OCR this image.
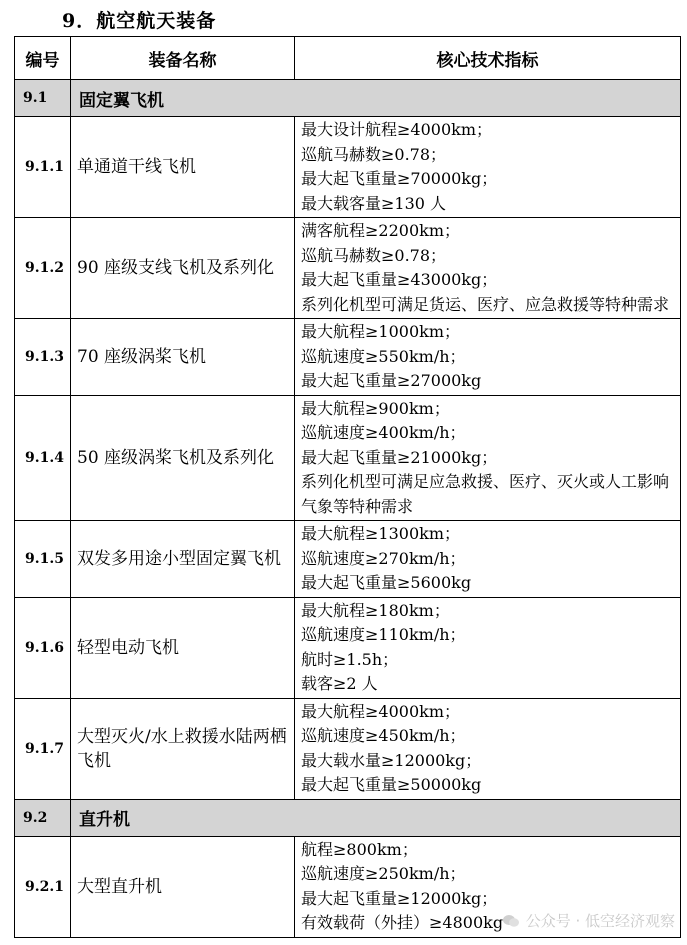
9．航空航天装备
编号	装备名称	核心技术指标
9.1	固定翼飞机	
9.1.1	单通道干线飞机	最大设计航程≥4000km；
巡航马赫数≥0.78；
最大起飞重量≥70000kg；
最大载客量≥130 人

9.1.2	90 座级支线飞机及系列化	满客航程≥2200km；
巡航马赫数≥0.78；
最大起飞重量≥43000kg；
系列化机型可满足货运、医疗、应急救援等特种需求

9.1.3	70 座级涡桨飞机	最大航程≥1000km；
巡航速度≥550km/h；
最大起飞重量≥27000kg

9.1.4	50 座级涡桨飞机及系列化	最大航程≥900km；
巡航速度≥400km/h；
最大起飞重量≥21000kg；
系列化机型可满足应急救援、医疗、灭火或人工影响气象等特种需求

9.1.5	双发多用途小型固定翼飞机	最大航程≥1300km；
巡航速度≥270km/h；
最大起飞重量≥5600kg

9.1.6	轻型电动飞机	最大航程≥180km；
巡航速度≥110km/h；
航时≥1.5h；
载客≥2 人

9.1.7	大型灭火/水上救援水陆两栖飞机	最大航程≥4000km；
巡航速度≥450km/h；
最大载水量≥12000kg；
最大起飞重量≥50000kg

9.2	直升机	
9.2.1	大型直升机	航程≥800km；
巡航速度≥250km/h；
最大起飞重量≥12000kg；
有效载荷（外挂）≥4800kg	公众号 · 低空经济观察
